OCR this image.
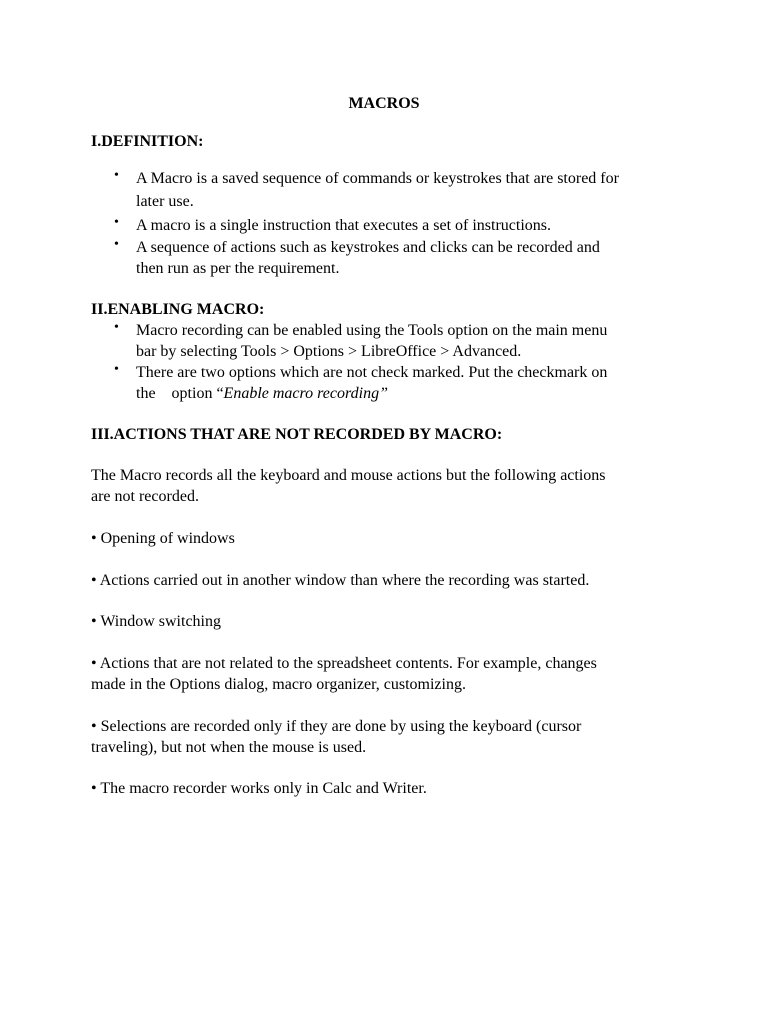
MACROS
I.DEFINITION:
• A Macro is a saved sequence of commands or keystrokes that are stored for
later use.
• A macro is a single instruction that executes a set of instructions.
• A sequence of actions such as keystrokes and clicks can be recorded and
then run as per the requirement.
II.ENABLING MACRO:
• Macro recording can be enabled using the Tools option on the main menu
bar by selecting Tools > Options > LibreOffice > Advanced.
• There are two options which are not check marked. Put the checkmark on
the    option “Enable macro recording”
III.ACTIONS THAT ARE NOT RECORDED BY MACRO:
The Macro records all the keyboard and mouse actions but the following actions
are not recorded.
• Opening of windows
• Actions carried out in another window than where the recording was started.
• Window switching
• Actions that are not related to the spreadsheet contents. For example, changes
made in the Options dialog, macro organizer, customizing.
• Selections are recorded only if they are done by using the keyboard (cursor
traveling), but not when the mouse is used.
• The macro recorder works only in Calc and Writer.
